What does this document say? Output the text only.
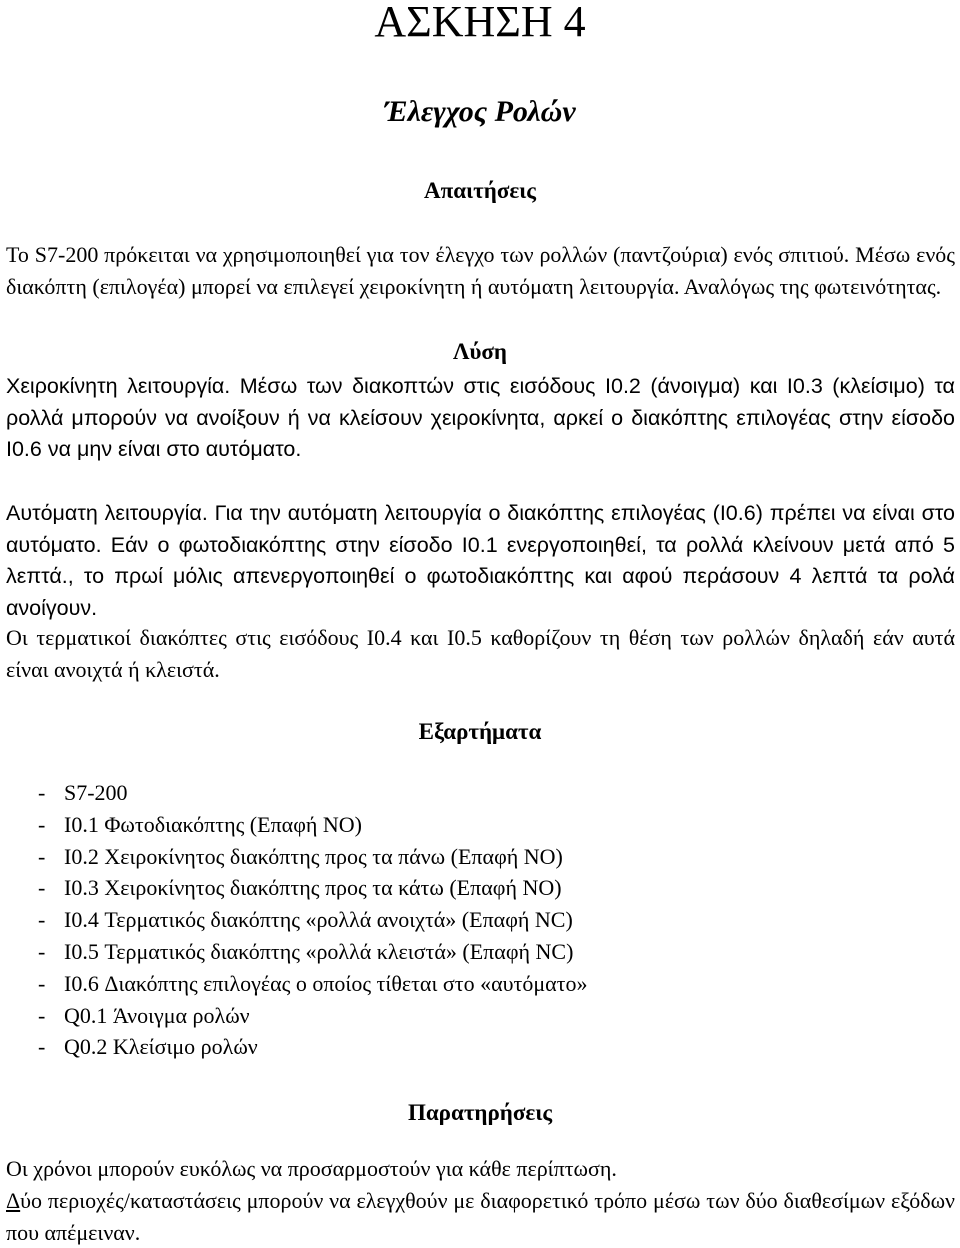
ΑΣΚΗΣΗ 4
Έλεγχος Ρολών
Απαιτήσεις

Το S7-200 πρόκειται να χρησιμοποιηθεί για τον έλεγχο των ρολλών (παντζούρια) ενός σπιτιού. Μέσω ενός διακόπτη (επιλογέα) μπορεί να επιλεγεί χειροκίνητη ή αυτόματη λειτουργία. Αναλόγως της φωτεινότητας.

Λύση

Χειροκίνητη λειτουργία. Μέσω των διακοπτών στις εισόδους I0.2 (άνοιγμα) και I0.3 (κλείσιμο) τα ρολλά μπορούν να ανοίξουν ή να κλείσουν χειροκίνητα, αρκεί ο διακόπτης επιλογέας στην είσοδο I0.6 να μην είναι στο αυτόματο.

Αυτόματη λειτουργία. Για την αυτόματη λειτουργία ο διακόπτης επιλογέας (I0.6) πρέπει να είναι στο αυτόματο. Εάν ο φωτοδιακόπτης στην είσοδο I0.1 ενεργοποιηθεί, τα ρολλά κλείνουν μετά από 5 λεπτά., το πρωί μόλις απενεργοποιηθεί ο φωτοδιακόπτης και αφού περάσουν 4 λεπτά τα ρολά ανοίγουν.

Οι τερματικοί διακόπτες στις εισόδους I0.4 και I0.5 καθορίζουν τη θέση των ρολλών δηλαδή εάν αυτά είναι ανοιχτά ή κλειστά.

Εξαρτήματα
- S7-200
- I0.1 Φωτοδιακόπτης (Επαφή NO)
- I0.2 Χειροκίνητος διακόπτης προς τα πάνω (Επαφή NO)
- I0.3 Χειροκίνητος διακόπτης προς τα κάτω (Επαφή NO)
- I0.4 Τερματικός διακόπτης «ρολλά ανοιχτά» (Επαφή NC)
- I0.5 Τερματικός διακόπτης «ρολλά κλειστά» (Επαφή NC)
- I0.6 Διακόπτης επιλογέας ο οποίος τίθεται στο «αυτόματο»
- Q0.1 Άνοιγμα ρολών
- Q0.2 Κλείσιμο ρολών
Παρατηρήσεις

Οι χρόνοι μπορούν ευκόλως να προσαρμοστούν για κάθε περίπτωση.

Δύο περιοχές/καταστάσεις μπορούν να ελεγχθούν με διαφορετικό τρόπο μέσω των δύο διαθεσίμων εξόδων που απέμειναν.
